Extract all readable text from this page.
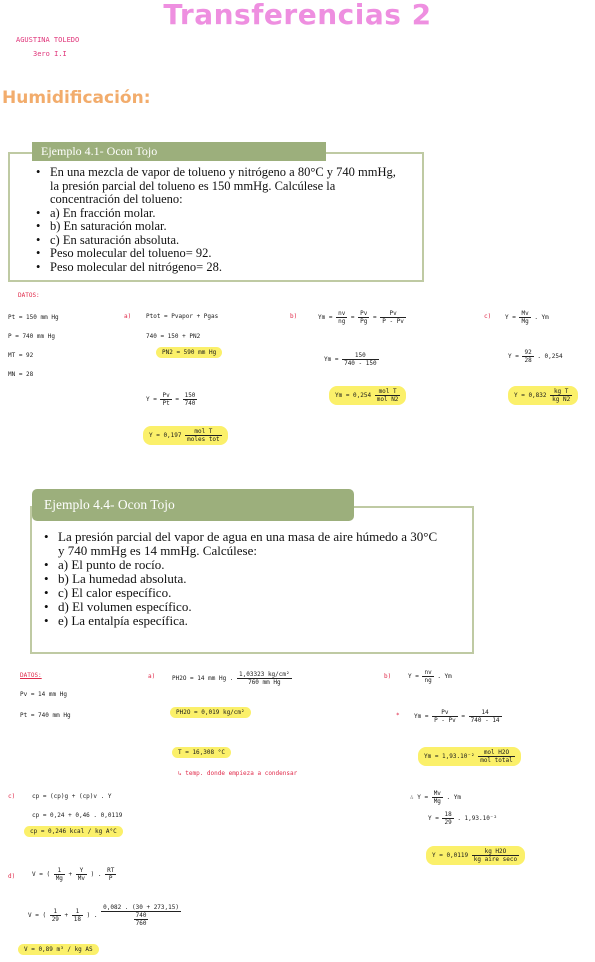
Transferencias 2
AGUSTINA TOLEDO
3ero I.I
Humidificación:
• En una mezcla de vapor de tolueno y nitrógeno a 80°C y 740 mmHg, la presión parcial del tolueno es 150 mmHg. Calcúlese la concentración del tolueno:
• a) En fracción molar.
• b) En saturación molar.
• c) En saturación absoluta.
• Peso molecular del tolueno= 92.
• Peso molecular del nitrógeno= 28.
Ejemplo 4.1- Ocon Tojo
DATOS:
Pt = 150 mm Hg
P = 740 mm Hg
MT = 92
MN = 28
a) Ptot = Pvapor + Pgas
740 = 150 + PN2
PN2 = 590 mm Hg
$Y = \frac{Pv}{Pt} = \frac{150}{740}$
$Y = 0,197 \frac{\text{mol T}}{\text{moles tot}}$
b)	$Ym = \frac{nv}{ng} = \frac{Pv}{Pg} = \frac{Pv}{P - Pv}$
$Ym = \frac{150}{740 - 150}$
$Ym = 0,254 \frac{\text{mol T}}{\text{mol N2}}$
c) $Y = \frac{Mv}{Mg}$ . Ym
$Y = \frac{92}{28}$ . 0,254
$Y = 0,832 \frac{\text{kg T}}{\text{kg N2}}$
• La presión parcial del vapor de agua en una masa de aire húmedo a 30°C y 740 mmHg es 14 mmHg. Calcúlese:
• a) El punto de rocío.
• b) La humedad absoluta.
• c) El calor específico.
• d) El volumen específico.
• e) La entalpía específica.
Ejemplo 4.4- Ocon Tojo
DATOS:
Pv = 14 mm Hg
Pt = 740 mm Hg
a)	PH2O = 14 mm Hg . $\frac{\text{1,03323 kg/cm²}}{\text{760 mm Hg}}$
PH2O = 0,019 kg/cm²
T = 16,308 °C
↳ temp. donde empieza a condensar
b)	$Y = \frac{nv}{ng}$ . Ym
* $Ym = \frac{Pv}{P - Pv} = \frac{14}{740 - 14}$
$Ym = 1,93.10^{-2} \frac{\text{mol H2O}}{\text{mol total}}$
∴ $Y = \frac{Mv}{Mg}$ . Ym
$Y = \frac{18}{29}$ . 1,93.10⁻²
$Y = 0,0119 \frac{\text{kg H2O}}{\text{kg aire seco}}$
c)	cp = (cp)g + (cp)v . Y
cp = 0,24 + 0,46 . 0,0119
cp = 0,246 kcal / kg A°C
d)	V = ( $\frac{1}{Mg} + \frac{Y}{Mv}$ ) . $\frac{RT}{P}$
V = ( $\frac{1}{29} + \frac{1}{18}$ ) . $\frac{0,082 . (30 + 273,15)}{\frac{740}{760}}$
V = 0,89 m³ / kg AS
